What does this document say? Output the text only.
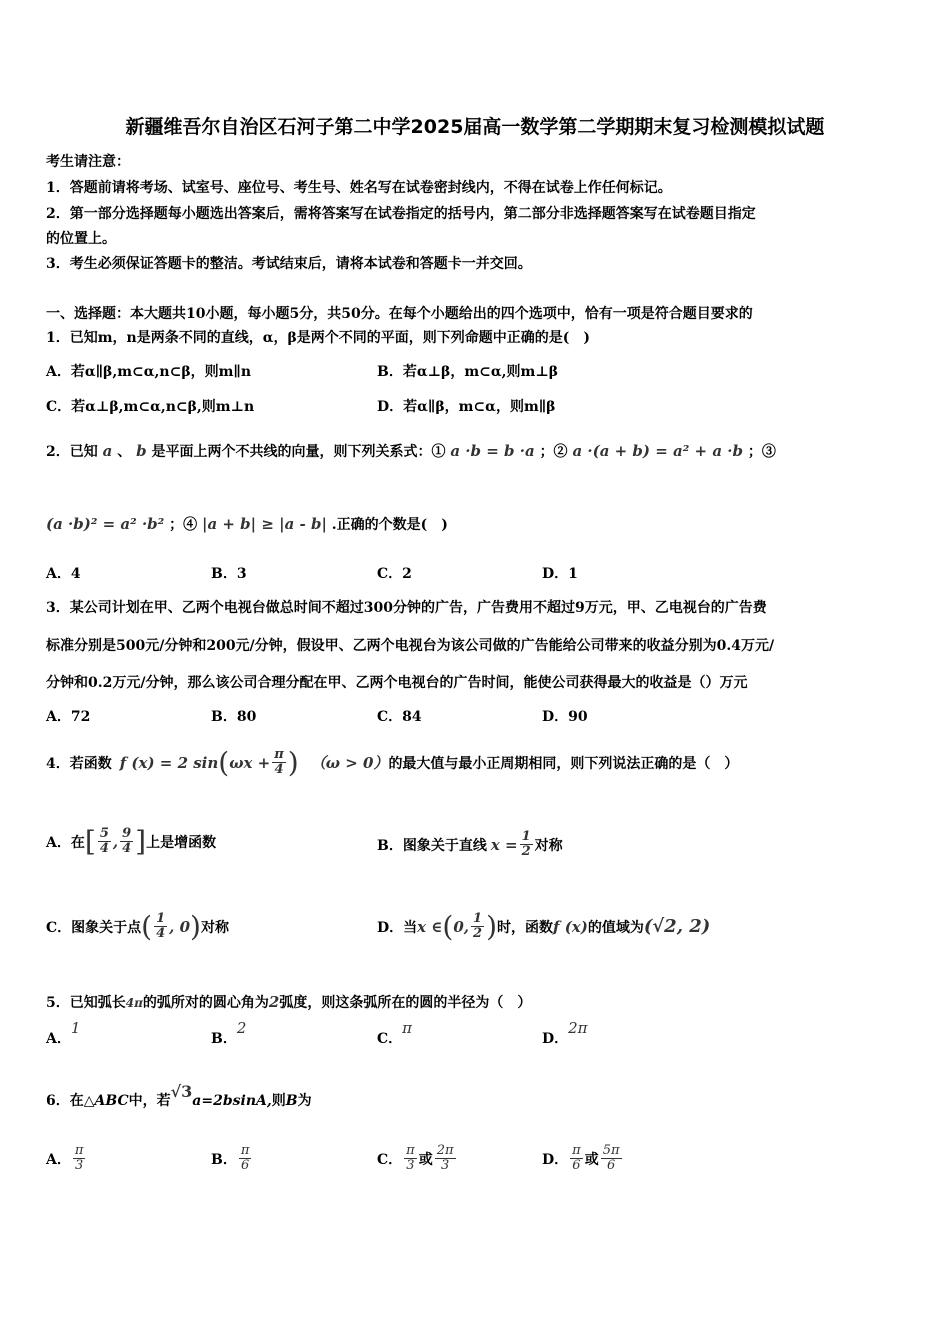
新疆维吾尔自治区石河子第二中学2025届高一数学第二学期期末复习检测模拟试题
考生请注意：
1．答题前请将考场、试室号、座位号、考生号、姓名写在试卷密封线内，不得在试卷上作任何标记。
2．第一部分选择题每小题选出答案后，需将答案写在试卷指定的括号内，第二部分非选择题答案写在试卷题目指定
的位置上。
3．考生必须保证答题卡的整洁。考试结束后，请将本试卷和答题卡一并交回。
一、选择题：本大题共10小题，每小题5分，共50分。在每个小题给出的四个选项中，恰有一项是符合题目要求的
1．已知m，n是两条不同的直线，α，β是两个不同的平面，则下列命题中正确的是(　)
A．若α∥β,m⊂α,n⊂β，则m∥n	B．若α⊥β，m⊂α,则m⊥β
C．若α⊥β,m⊂α,n⊂β,则m⊥n	D．若α∥β，m⊂α，则m∥β
2．已知 a 、 b 是平面上两个不共线的向量，则下列关系式：① a ·b = b ·a ；② a ·(a + b) = a² + a ·b ；③
(a ·b)² = a² ·b² ；④ |a + b| ≥ |a - b| .正确的个数是(　)
A．4	B．3	C．2	D．1
3．某公司计划在甲、乙两个电视台做总时间不超过300分钟的广告，广告费用不超过9万元，甲、乙电视台的广告费
标准分别是500元/分钟和200元/分钟，假设甲、乙两个电视台为该公司做的广告能给公司带来的收益分别为0.4万元/
分钟和0.2万元/分钟，那么该公司合理分配在甲、乙两个电视台的广告时间，能使公司获得最大的收益是（）万元
A．72	B．80	C．84	D．90
4．若函数 f (x) = 2 sin ( $\omega x + \frac{\pi}{4}$ ) （ω > 0） 的最大值与最小正周期相同，则下列说法正确的是（　）
A．在 [ $\frac{5}{4}$ , $\frac{9}{4}$ ] 上是增函数	B．图象关于直线 $x = \frac{1}{2}$ 对称
C．图象关于点 ( $\frac{1}{4}$ , 0 ) 对称	D．当 x ∈ ( 0, $\frac{1}{2}$ ) 时，函数 f (x) 的值域为 (√2, 2)
5．已知弧长4π的弧所对的圆心角为2弧度，则这条弧所在的圆的半径为（　）
A．1
B．2
C．π
D．2π
6．在△ABC中，若√3a=2bsinA,则B为
A． $\frac{\pi}{3}$	B． $\frac{\pi}{6}$	C． $\frac{\pi}{3}$ 或 $\frac{2\pi}{3}$	D． $\frac{\pi}{6}$ 或 $\frac{5\pi}{6}$
